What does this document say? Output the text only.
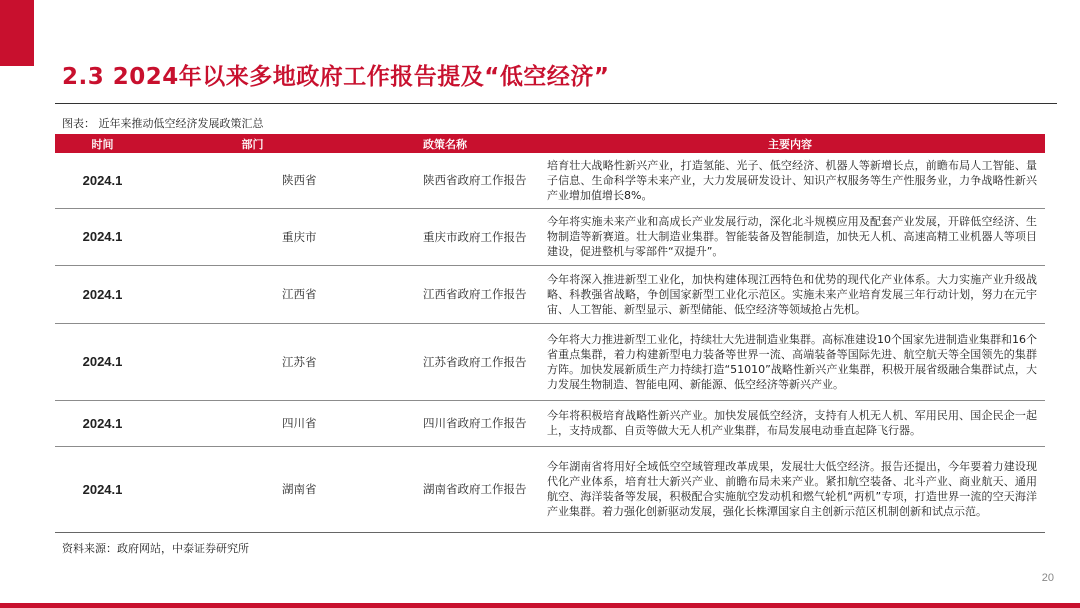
2.3 2024年以来多地政府工作报告提及“低空经济”
图表： 近年来推动低空经济发展政策汇总
时间	部门	政策名称	主要内容
2024.1	陕西省	陕西省政府工作报告	培育壮大战略性新兴产业，打造氢能、光子、低空经济、机器人等新增长点，前瞻布局人工智能、量子信息、生命科学等未来产业，大力发展研发设计、知识产权服务等生产性服务业，力争战略性新兴产业增加值增长8%。
2024.1	重庆市	重庆市政府工作报告	今年将实施未来产业和高成长产业发展行动，深化北斗规模应用及配套产业发展，开辟低空经济、生物制造等新赛道。壮大制造业集群。智能装备及智能制造，加快无人机、高速高精工业机器人等项目建设，促进整机与零部件“双提升”。
2024.1	江西省	江西省政府工作报告	今年将深入推进新型工业化，加快构建体现江西特色和优势的现代化产业体系。大力实施产业升级战略、科教强省战略，争创国家新型工业化示范区。实施未来产业培育发展三年行动计划，努力在元宇宙、人工智能、新型显示、新型储能、低空经济等领域抢占先机。
2024.1	江苏省	江苏省政府工作报告	今年将大力推进新型工业化，持续壮大先进制造业集群。高标准建设10个国家先进制造业集群和16个省重点集群，着力构建新型电力装备等世界一流、高端装备等国际先进、航空航天等全国领先的集群方阵。加快发展新质生产力持续打造“51010”战略性新兴产业集群，积极开展省级融合集群试点，大力发展生物制造、智能电网、新能源、低空经济等新兴产业。
2024.1	四川省	四川省政府工作报告	今年将积极培育战略性新兴产业。加快发展低空经济，支持有人机无人机、军用民用、国企民企一起上，支持成都、自贡等做大无人机产业集群，布局发展电动垂直起降飞行器。
2024.1	湖南省	湖南省政府工作报告	今年湖南省将用好全域低空空域管理改革成果，发展壮大低空经济。报告还提出，今年要着力建设现代化产业体系，培育壮大新兴产业、前瞻布局未来产业。紧扣航空装备、北斗产业、商业航天、通用航空、海洋装备等发展，积极配合实施航空发动机和燃气轮机“两机”专项，打造世界一流的空天海洋产业集群。着力强化创新驱动发展，强化长株潭国家自主创新示范区机制创新和试点示范。
资料来源：政府网站，中泰证券研究所
20
